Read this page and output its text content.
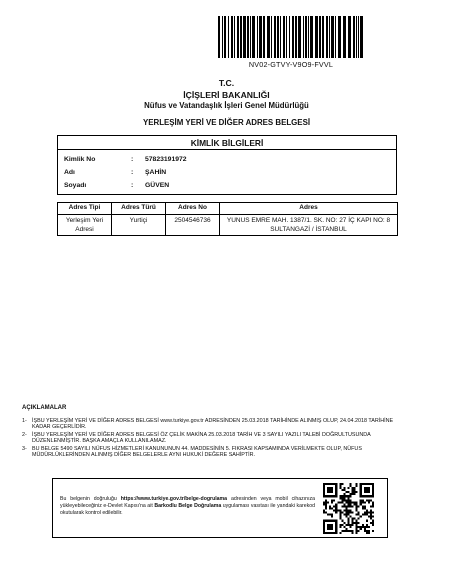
NV02-GTVY-V9O9-FVVL
T.C.
İÇİŞLERİ BAKANLIĞI
Nüfus ve Vatandaşlık İşleri Genel Müdürlüğü
YERLEŞİM YERİ VE DİĞER ADRES BELGESİ
KİMLİK BİLGİLERİ
Kimlik No	: 57823191972
Adı	: ŞAHİN
Soyadı	: GÜVEN
Adres Tipi	Adres Türü	Adres No	Adres
Yerleşim Yeri Adresi	Yurtiçi	2504546736	YUNUS EMRE MAH. 1387/1. SK. NO: 27 İÇ KAPI NO: 8 SULTANGAZİ / İSTANBUL
AÇIKLAMALAR
1- İŞBU YERLEŞİM YERİ VE DİĞER ADRES BELGESİ www.turkiye.gov.tr ADRESİNDEN 25.03.2018 TARİHİNDE ALINMIŞ OLUP, 24.04.2018 TARİHİNE KADAR GEÇERLİDİR.
2- İŞBU YERLEŞİM YERİ VE DİĞER ADRES BELGESİ ÖZ ÇELİK MAKİNA 25.03.2018 TARİH VE 3 SAYILI YAZILI TALEBİ DOĞRULTUSUNDA DÜZENLENMİŞTİR. BAŞKA AMAÇLA KULLANILAMAZ.
3- BU BELGE 5490 SAYILI NÜFUS HİZMETLERİ KANUNUNUN 44. MADDESİNİN 5. FIKRASI KAPSAMINDA VERİLMEKTE OLUP, NÜFUS MÜDÜRLÜKLERİNDEN ALINMIŞ DİĞER BELGELERLE AYNI HUKUKİ DEĞERE SAHİPTİR.
Bu belgenin doğruluğu https://www.turkiye.gov.tr/belge-dogrulama adresinden veya mobil cihazınıza yükleyebileceğiniz e-Devlet Kapısı'na ait Barkodlu Belge Doğrulama uygulaması vasıtası ile yandaki karekod okutularak kontrol edilebilir.
